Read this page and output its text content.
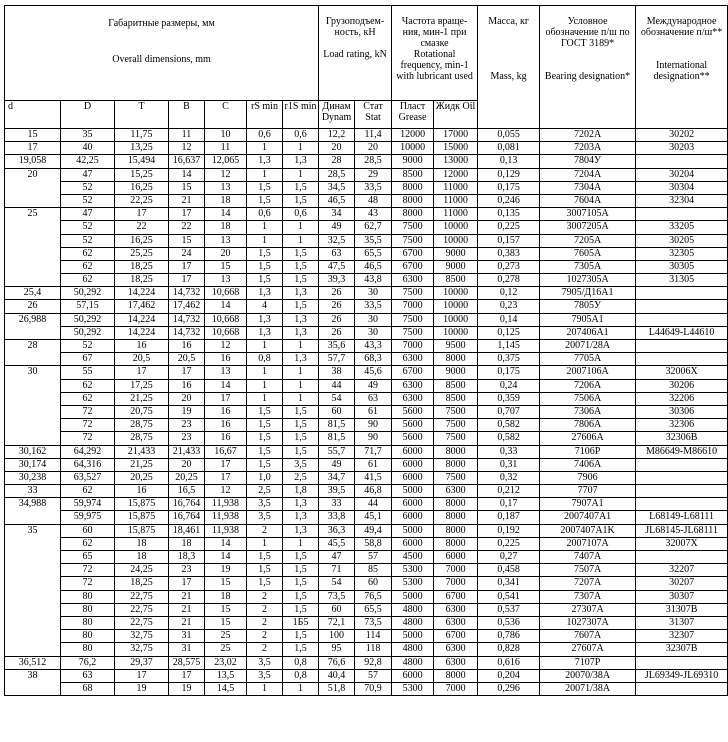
Габаритные размеры, мм
Overall dimensions, mm							Грузоподъем-ность, кН

Load rating, kN		Частота враще-ния, мин-1 при смазке
Rotational frequency, min-1 with lubricant used		Масса, кг

Mass, kg	Условное обозначение п/ш по ГОСТ 3189*

Bearing designation*	Международное обозначение п/ш**

International designation**
d	D	T	B	C	rS min	r1S min	Динам Dynam	Стат Stat	Пласт Grease	Жидк Oil			
15	35	11,75	11	10	0,6	0,6	12,2	11,4	12000	17000	0,055	7202A	30202
17	40	13,25	12	11	1	1	20	20	10000	15000	0,081	7203A	30203
19,058	42,25	15,494	16,637	12,065	1,3	1,3	28	28,5	9000	13000	0,13	7804У	
20	47	15,25	14	12	1	1	28,5	29	8500	12000	0,129	7204A	30204
	52	16,25	15	13	1,5	1,5	34,5	33,5	8000	11000	0,175	7304A	30304
	52	22,25	21	18	1,5	1,5	46,5	48	8000	11000	0,246	7604A	32304
25	47	17	17	14	0,6	0,6	34	43	8000	11000	0,135	3007105A	
	52	22	22	18	1	1	49	62,7	7500	10000	0,225	3007205A	33205
	52	16,25	15	13	1	1	32,5	35,5	7500	10000	0,157	7205A	30205
	62	25,25	24	20	1,5	1,5	63	65,5	6700	9000	0,383	7605A	32305
	62	18,25	17	15	1,5	1,5	47,5	46,5	6700	9000	0,273	7305A	30305
	62	18,25	17	13	1,5	1,5	39,3	43,8	6300	8500	0,278	1027305A	31305
25,4	50,292	14,224	14,732	10,668	1,3	1,3	26	30	7500	10000	0,12	7905/Д16А1	
26	57,15	17,462	17,462	14	4	1,5	26	33,5	7000	10000	0,23	7805У	
26,988	50,292	14,224	14,732	10,668	1,3	1,3	26	30	7500	10000	0,14	7905A1	
	50,292	14,224	14,732	10,668	1,3	1,3	26	30	7500	10000	0,125	207406A1	L44649-L44610
28	52	16	16	12	1	1	35,6	43,3	7000	9500	1,145	20071/28A	
	67	20,5	20,5	16	0,8	1,3	57,7	68,3	6300	8000	0,375	7705A	
30	55	17	17	13	1	1	38	45,6	6700	9000	0,175	2007106A	32006X
	62	17,25	16	14	1	1	44	49	6300	8500	0,24	7206A	30206
	62	21,25	20	17	1	1	54	63	6300	8500	0,359	7506A	32206
	72	20,75	19	16	1,5	1,5	60	61	5600	7500	0,707	7306A	30306
	72	28,75	23	16	1,5	1,5	81,5	90	5600	7500	0,582	7806A	32306
	72	28,75	23	16	1,5	1,5	81,5	90	5600	7500	0,582	27606A	32306B
30,162	64,292	21,433	21,433	16,67	1,5	1,5	55,7	71,7	6000	8000	0,33	7106P	M86649-M86610
30,174	64,316	21,25	20	17	1,5	3,5	49	61	6000	8000	0,31	7406A	
30,238	63,527	20,25	20,25	17	1,0	2,5	34,7	41,5	6000	7500	0,32	7906	
33	62	16	16,5	12	2,5	1,8	39,5	46,8	5000	6300	0,212	7707	
34,988	59,974	15,875	16,764	11,938	3,5	1,3	33	44	6000	8000	0,17	7907A1	
	59,975	15,875	16,764	11,938	3,5	1,3	33,8	45,1	6000	8000	0,187	2007407A1	L68149-L68111
35	60	15,875	18,461	11,938	2	1,3	36,3	49,4	5000	8000	0,192	2007407A1K	JL68145-JL68111
	62	18	18	14	1	1	45,5	58,8	6000	8000	0,225	2007107A	32007X
	65	18	18,3	14	1,5	1,5	47	57	4500	6000	0,27	7407A	
	72	24,25	23	19	1,5	1,5	71	85	5300	7000	0,458	7507A	32207
	72	18,25	17	15	1,5	1,5	54	60	5300	7000	0,341	7207A	30207
	80	22,75	21	18	2	1,5	73,5	76,5	5000	6700	0,541	7307A	30307
	80	22,75	21	15	2	1,5	60	65,5	4800	6300	0,537	27307A	31307B
	80	22,75	21	15	2	1Б5	72,1	73,5	4800	6300	0,536	1027307A	31307
	80	32,75	31	25	2	1,5	100	114	5000	6700	0,786	7607A	32307
	80	32,75	31	25	2	1,5	95	118	4800	6300	0,828	27607A	32307B
36,512	76,2	29,37	28,575	23,02	3,5	0,8	76,6	92,8	4800	6300	0,616	7107P	
38	63	17	17	13,5	3,5	0,8	40,4	57	6000	8000	0,204	20070/38A	JL69349-JL69310
	68	19	19	14,5	1	1	51,8	70,9	5300	7000	0,296	20071/38A	
